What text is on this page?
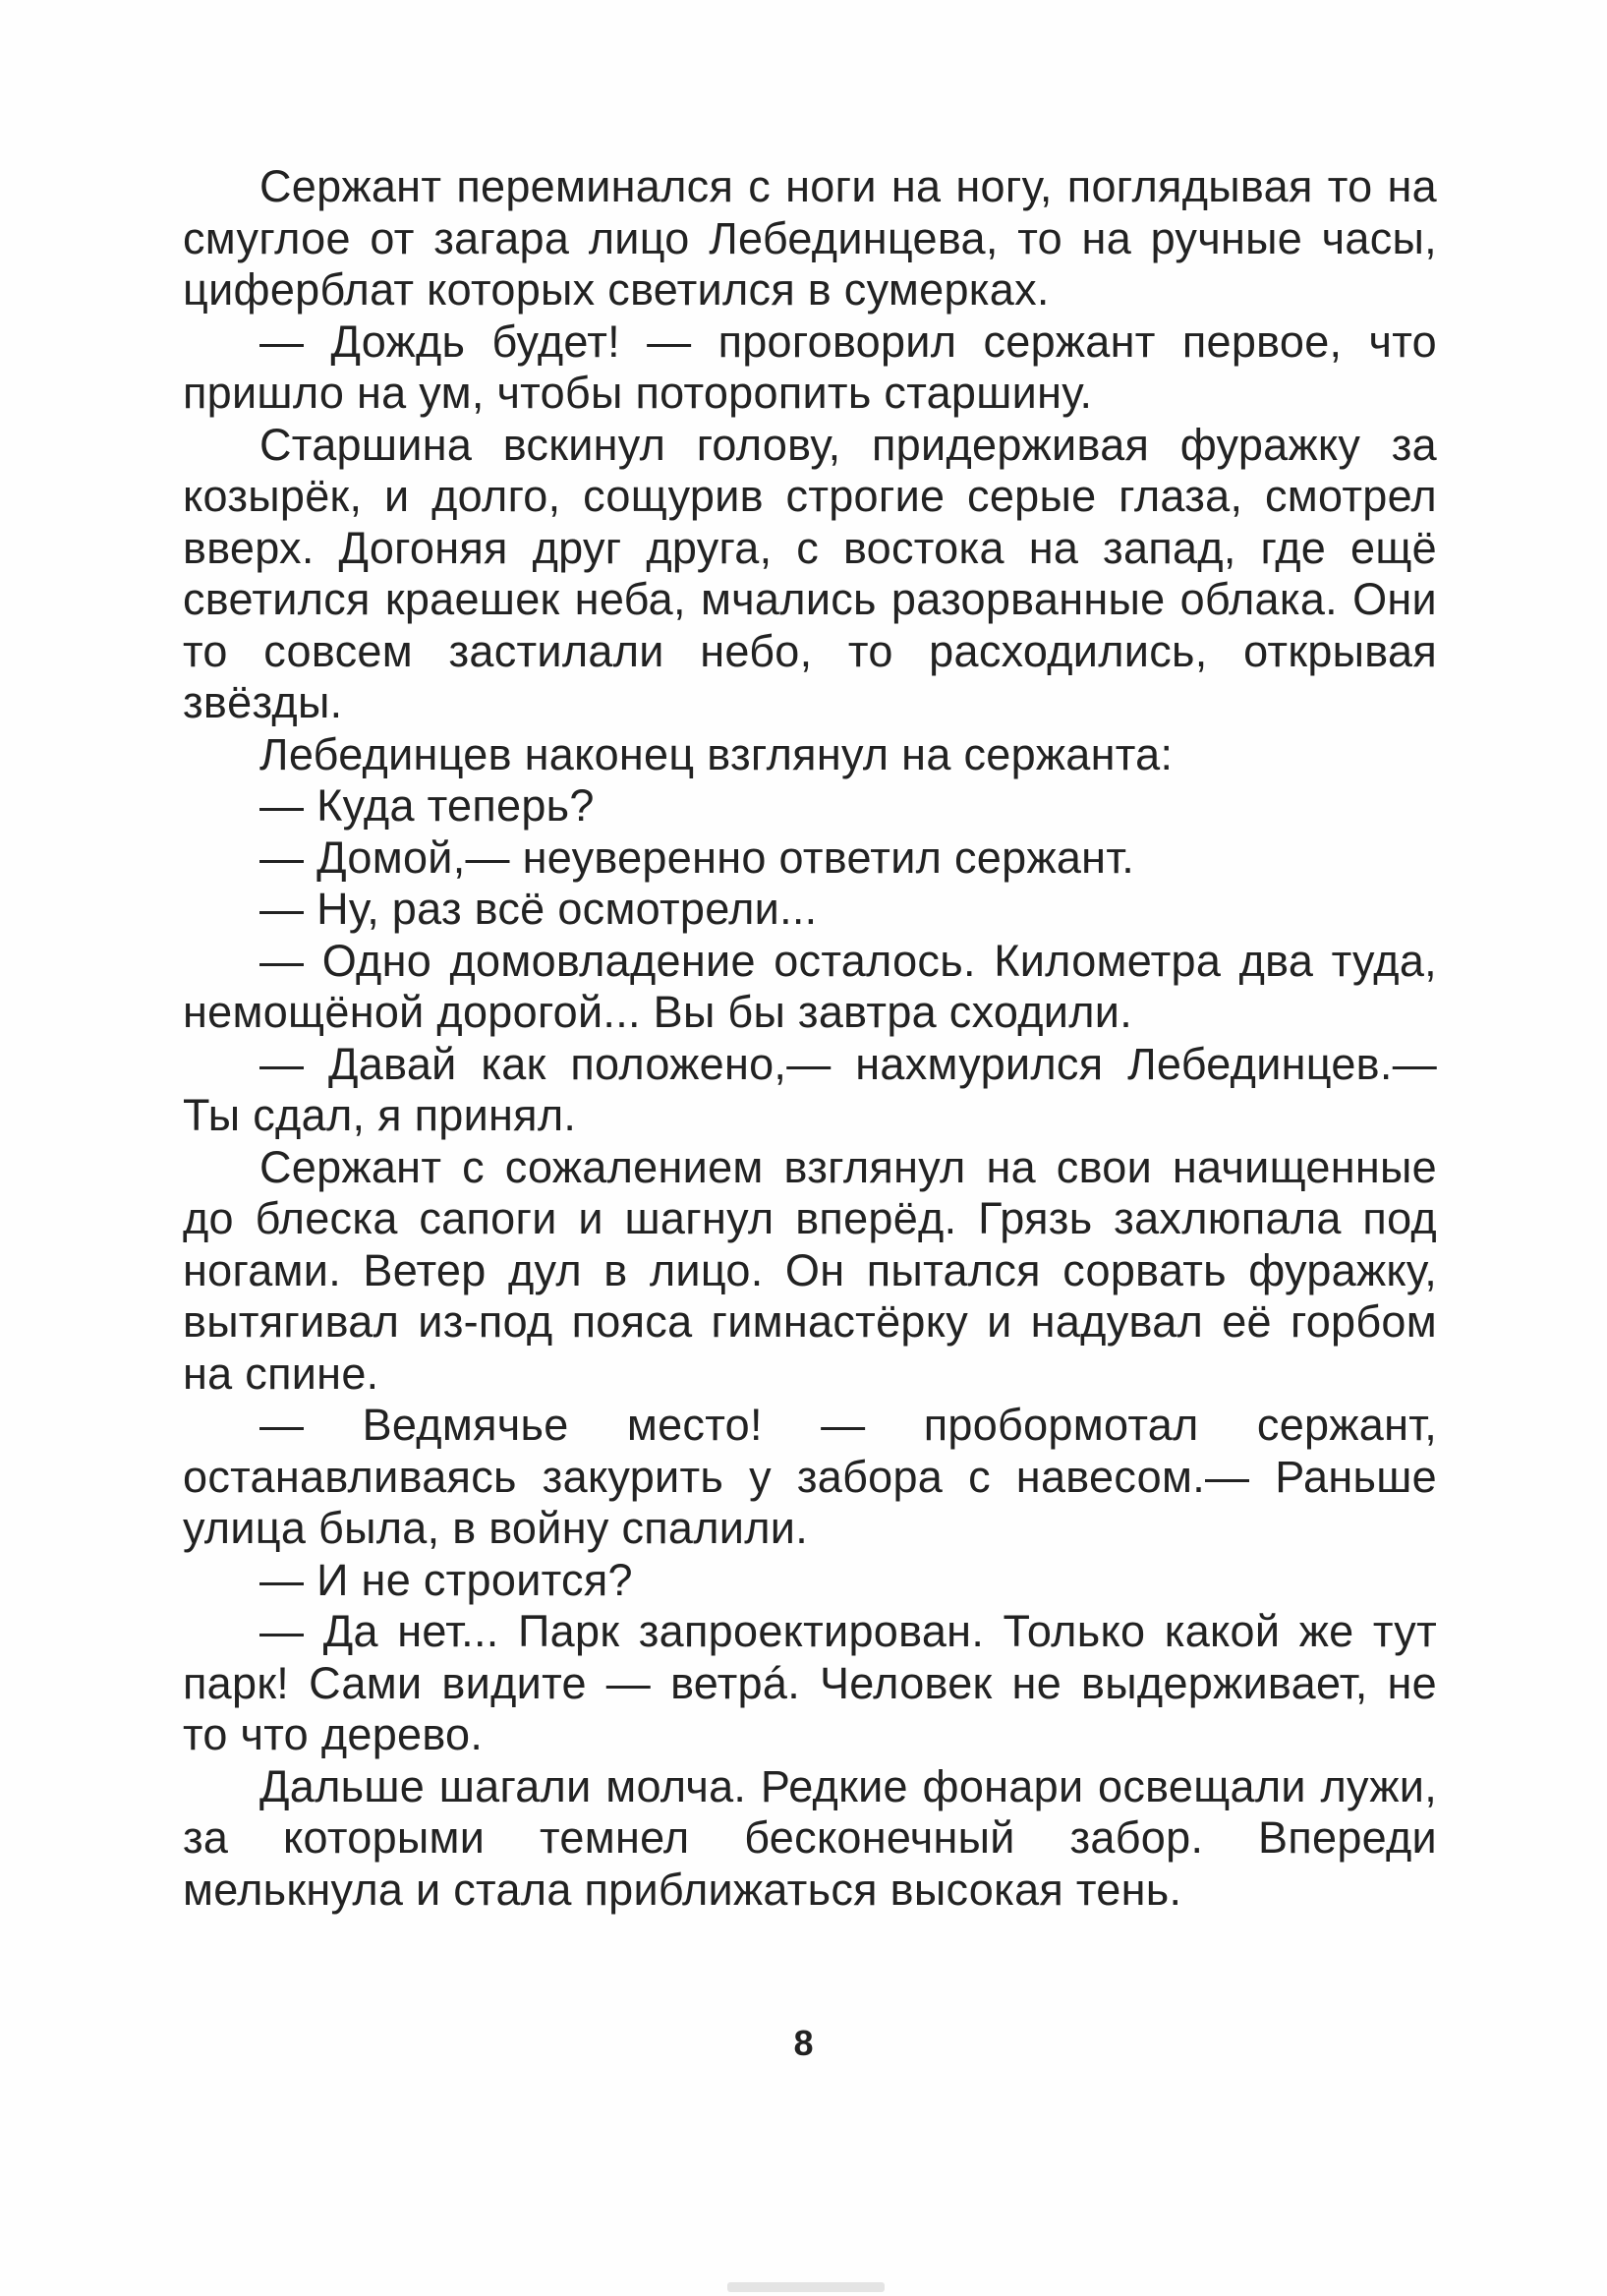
Сержант переминался с ноги на ногу, поглядывая то на смуглое от загара лицо Лебединцева, то на ручные часы, циферблат которых светился в сумерках.

— Дождь будет! — проговорил сержант первое, что пришло на ум, чтобы поторопить старшину.

Старшина вскинул голову, придерживая фуражку за козырёк, и долго, сощурив строгие серые глаза, смотрел вверх. Догоняя друг друга, с востока на запад, где ещё светился краешек неба, мчались разорванные облака. Они то совсем застилали небо, то расходились, открывая звёзды.

Лебединцев наконец взглянул на сержанта:

— Куда теперь?

— Домой,— неуверенно ответил сержант.

— Ну, раз всё осмотрели...

— Одно домовладение осталось. Километра два туда, немощёной дорогой... Вы бы завтра сходили.

— Давай как положено,— нахмурился Лебединцев.— Ты сдал, я принял.

Сержант с сожалением взглянул на свои начищенные до блеска сапоги и шагнул вперёд. Грязь захлюпала под ногами. Ветер дул в лицо. Он пытался сорвать фуражку, вытягивал из-под пояса гимнастёрку и надувал её горбом на спине.

— Ведмячье место! — пробормотал сержант, останавливаясь закурить у забора с навесом.— Раньше улица была, в войну спалили.

— И не строится?

— Да нет... Парк запроектирован. Только какой же тут парк! Сами видите — ветрá. Человек не выдерживает, не то что дерево.

Дальше шагали молча. Редкие фонари освещали лужи, за которыми темнел бесконечный забор. Впереди мелькнула и стала приближаться высокая тень.

8
